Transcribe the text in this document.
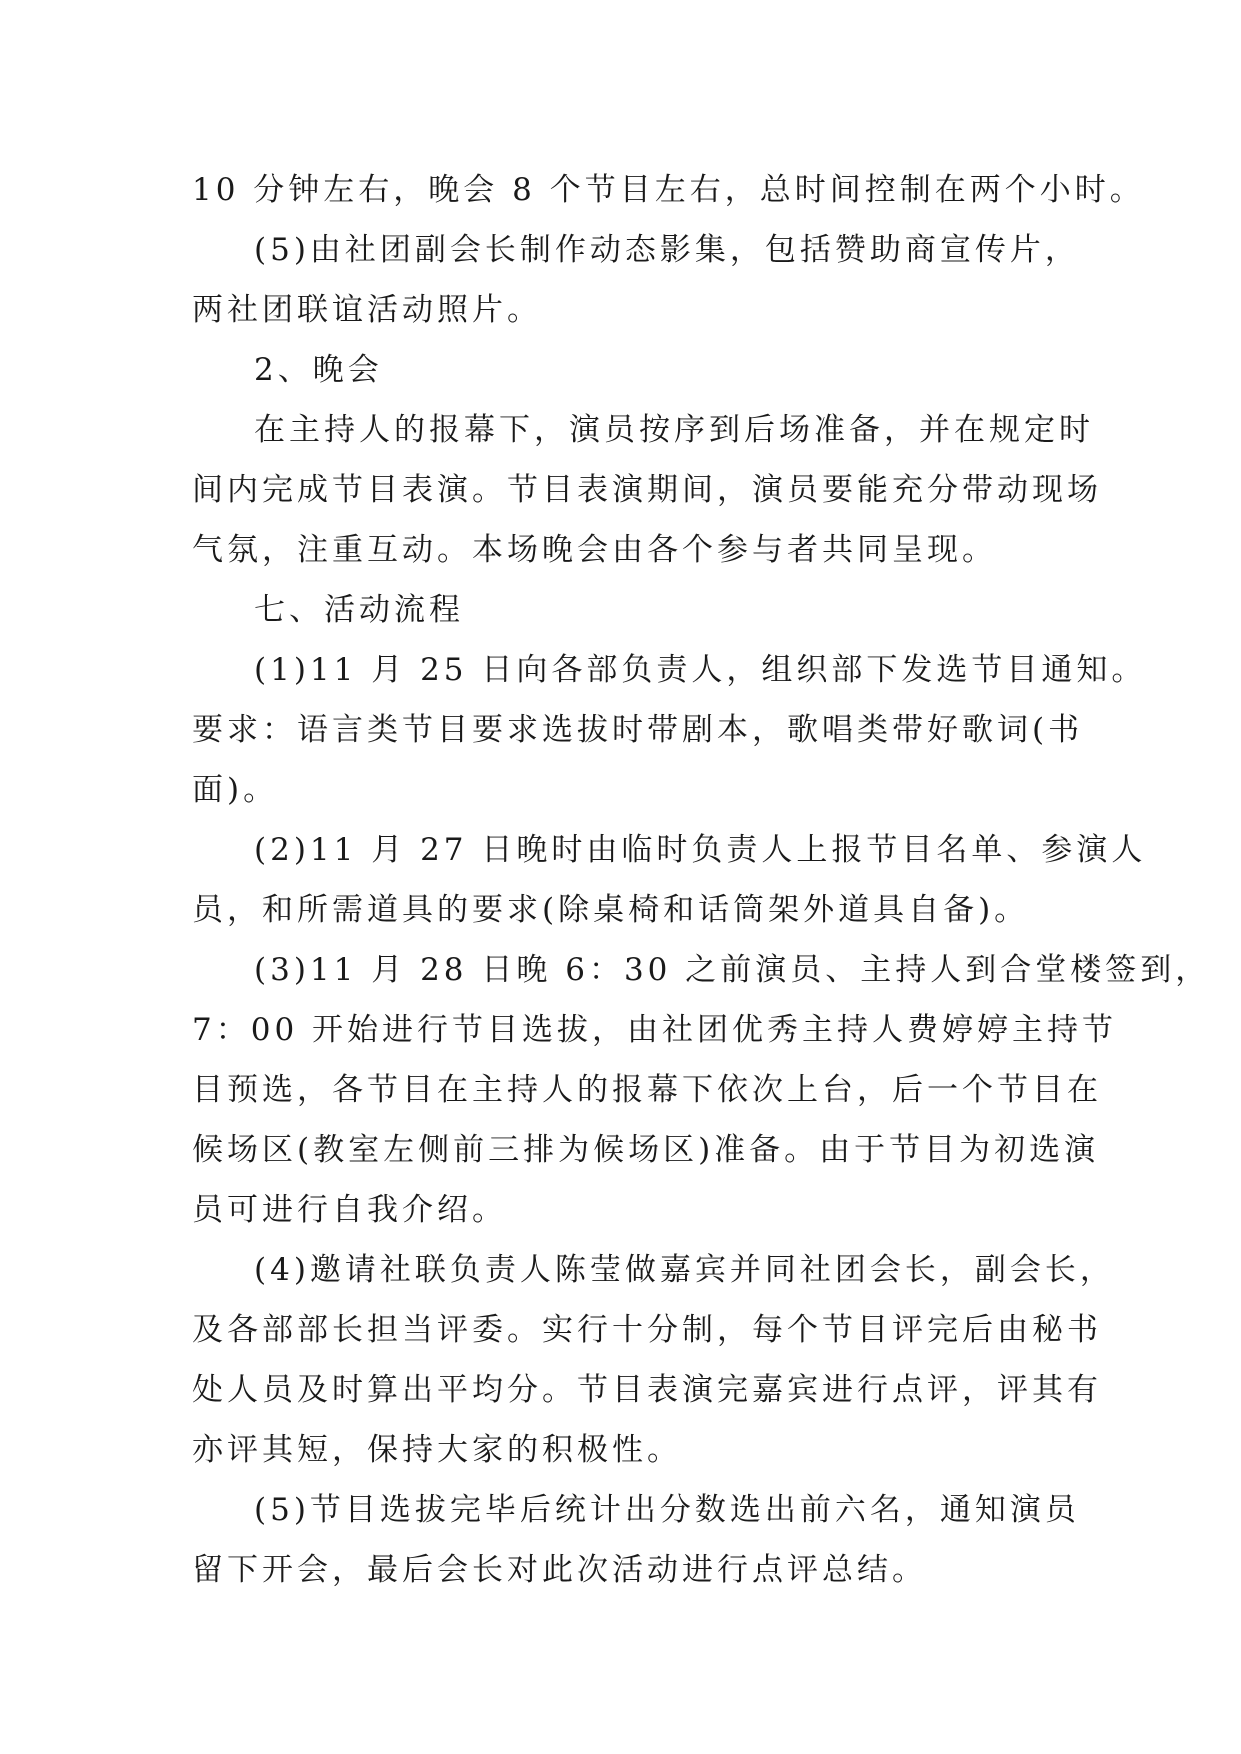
10 分钟左右，晚会 8 个节目左右，总时间控制在两个小时。
(5)由社团副会长制作动态影集，包括赞助商宣传片，
两社团联谊活动照片。
2、晚会
在主持人的报幕下，演员按序到后场准备，并在规定时
间内完成节目表演。节目表演期间，演员要能充分带动现场
气氛，注重互动。本场晚会由各个参与者共同呈现。
七、活动流程
(1)11 月 25 日向各部负责人，组织部下发选节目通知。
要求：语言类节目要求选拔时带剧本，歌唱类带好歌词(书
面)。
(2)11 月 27 日晚时由临时负责人上报节目名单、参演人
员，和所需道具的要求(除桌椅和话筒架外道具自备)。
(3)11 月 28 日晚 6：30 之前演员、主持人到合堂楼签到，
7：00 开始进行节目选拔，由社团优秀主持人费婷婷主持节
目预选，各节目在主持人的报幕下依次上台，后一个节目在
候场区(教室左侧前三排为候场区)准备。由于节目为初选演
员可进行自我介绍。
(4)邀请社联负责人陈莹做嘉宾并同社团会长，副会长，
及各部部长担当评委。实行十分制，每个节目评完后由秘书
处人员及时算出平均分。节目表演完嘉宾进行点评，评其有
亦评其短，保持大家的积极性。
(5)节目选拔完毕后统计出分数选出前六名，通知演员
留下开会，最后会长对此次活动进行点评总结。
